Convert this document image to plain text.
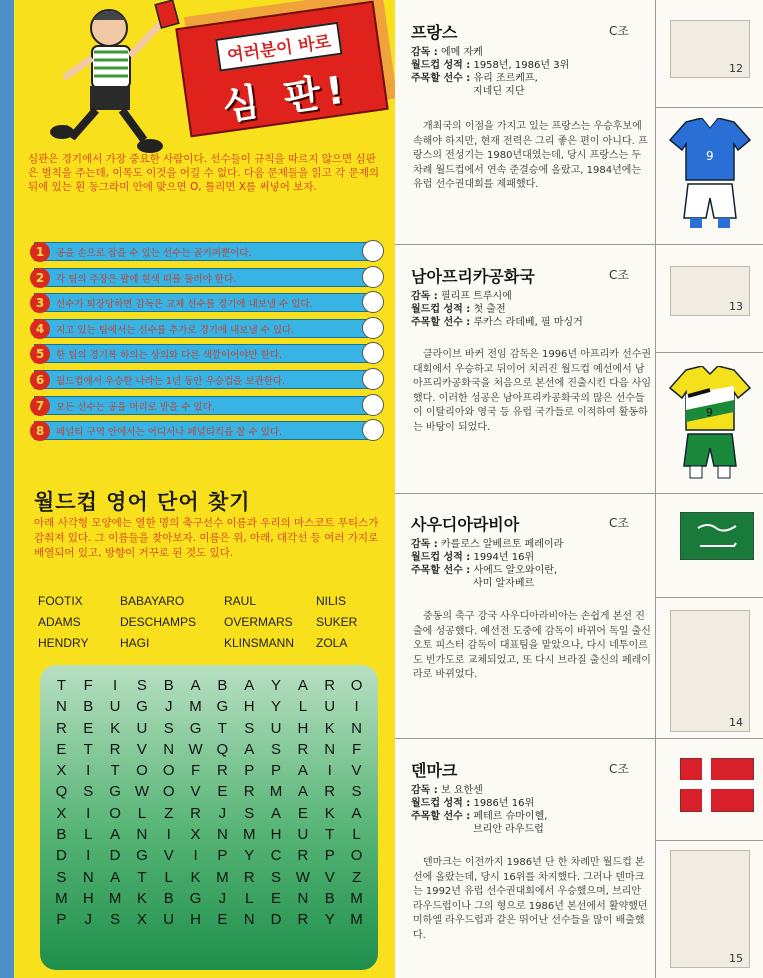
여러분이 바로
심 판!
심판은 경기에서 가장 중요한 사람이다. 선수들이 규칙을 따르지 않으면 심판은 벌칙을 주는데, 이목도 이것을 어길 수 없다. 다음 문제들을 읽고 각 문제의 뒤에 있는 흰 동그라미 안에 맞으면 O, 틀리면 X를 써넣어 보자.
1	공을 손으로 잡을 수 있는 선수는 골키퍼뿐이다.
2	각 팀의 주장은 팔에 흰색 띠를 둘러야 한다.
3	선수가 퇴장당하면 감독은 교체 선수를 경기에 내보낼 수 있다.
4	지고 있는 팀에서는 선수를 추가로 경기에 내보낼 수 있다.
5	한 팀의 경기복 하의는 상의와 다른 색깔이어야만 한다.
6	월드컵에서 우승한 나라는 1년 동안 우승컵을 보관한다.
7	모든 선수는 공을 머리로 받을 수 있다.
8	페널티 구역 안에서는 어디서나 페널티킥을 찰 수 있다.
월드컵 영어 단어 찾기
아래 사각형 모양에는 열한 명의 축구선수 이름과 우리의 마스코트 푸티스가 감춰져 있다. 그 이름들을 찾아보자. 이름은 위, 아래, 대각선 등 여러 가지로 배열되어 있고, 방향이 거꾸로 된 것도 있다.
FOOTIX	BABAYARO	RAUL	NILIS
ADAMS	DESCHAMPS OVERMARS SUKER
HENDRY	HAGI	KLINSMANN ZOLA
T	F	I	S	B	A	B	A	Y	A	R	O
N	B	U	G	J	M G	H	Y	L	U	I
R	E	K	U	S	G	T	S	U	H	K	N
E	T	R	V	N W Q	A	S	R	N	F
X	I	T	O	O	F	R	P	P	A	I	V
Q	S	G W O	V	E	R	M	A	R	S
X	I	O	L	Z	R	J	S	A	E	K	A
B	L	A	N	I	X	N	M	H	U	T	L
D	I	D	G	V	I	P	Y	C	R	P	O
S	N	A	T	L	K	M	R	S W V	Z
M	H	M	K	B	G	J	L	E	N	B	M
P	J	S	X	U	H	E	N	D	R	Y	M
프랑스	C조
감독 : 에메 자케
월드컵 성적 : 1958년, 1986년 3위
주목할 선수 : 유리 조르케프,
지네딘 지단
개최국의 이점을 가지고 있는 프랑스는 우승후보에 속해야 하지만, 현재 전력은 그리 좋은 편이 아니다. 프랑스의 전성기는 1980년대였는데, 당시 프랑스는 두 차례 월드컵에서 연속 준결승에 올랐고, 1984년에는 유럽 선수권대회를 제패했다.
남아프리카공화국	C조
감독 : 필리프 트루시에
월드컵 성적 : 첫 출전
주목할 선수 : 루카스 라데베, 필 마싱거
클라이브 바커 전임 감독은 1996년 아프리카 선수권대회에서 우승하고 뒤이어 치러진 월드컵 예선에서 남아프리카공화국을 처음으로 본선에 진출시킨 다음 사임했다. 이러한 성공은 남아프리카공화국의 많은 선수들이 이탈리아와 영국 등 유럽 국가들로 이적하여 활동하는 바탕이 되었다.
사우디아라비아	C조
감독 : 카를로스 알베르토 페레이라
월드컵 성적 : 1994년 16위
주목할 선수 : 사에드 알오와이란,
사미 알자베르
중동의 축구 강국 사우디아라비아는 손쉽게 본선 진출에 성공했다. 예선전 도중에 감독이 바뀌어 독일 출신 오토 피스터 감독이 대표팀을 맡았으나, 다시 네투이르도 빈가도로 교체되었고, 또 다시 브라질 출신의 페레이라로 바뀌었다.
덴마크	C조
감독 : 보 요한센
월드컵 성적 : 1986년 16위
주목할 선수 : 페테르 슈마이헬,
브리안 라우드럽
덴마크는 이전까지 1986년 단 한 차례만 월드컵 본선에 올랐는데, 당시 16위를 차지했다. 그러나 덴마크는 1992년 유럽 선수권대회에서 우승했으며, 브리안 라우드럽이나 그의 형으로 1986년 본선에서 활약했던 미하엘 라우드럽과 같은 뛰어난 선수들을 많이 배출했다.
12
9
13
9
14
15
